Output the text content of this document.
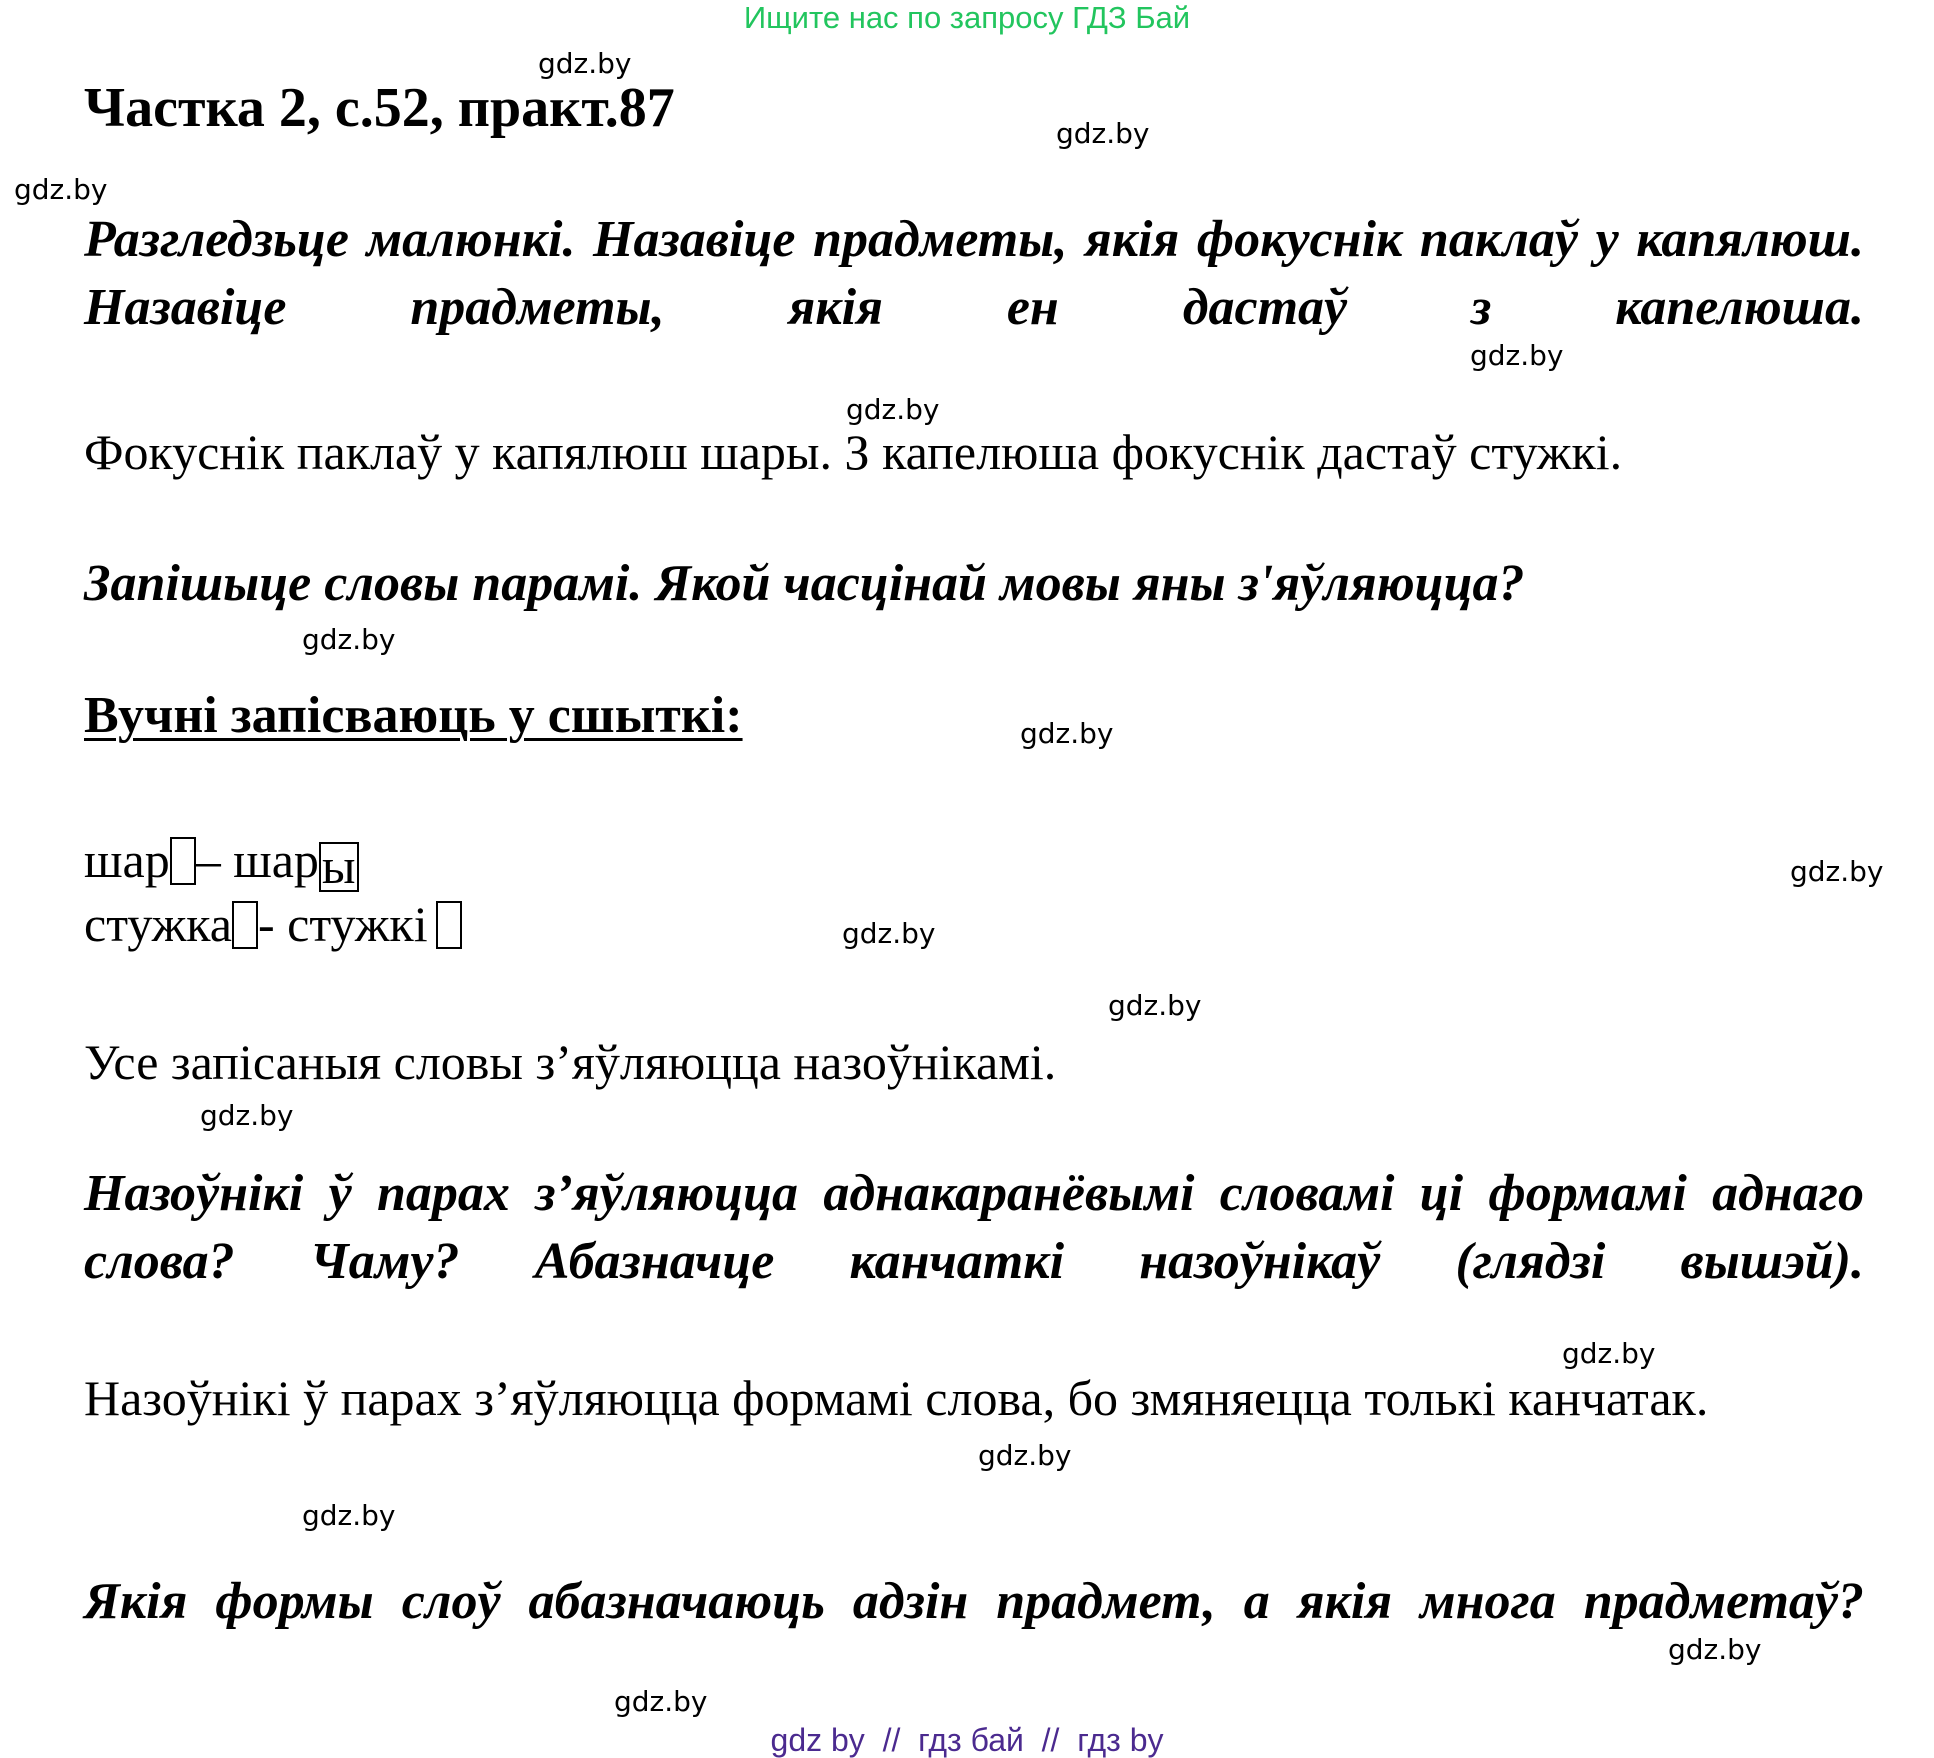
Ищите нас по запросу ГДЗ Бай
Частка 2, с.52, практ.87
Разгледзьце малюнкі. Назавіце прадметы, якія фокуснік паклаў у капялюш. Назавіце прадметы, якія ен дастаў з капелюша.
Фокуснік паклаў у капялюш шары. З капелюша фокуснік дастаў стужкі.
Запішыце словы парамі. Якой часцінай мовы яны з'яўляюцца?
Вучні запісваюць у сшыткі:
шар – шары
стужка - стужкі
Усе запісаныя словы з’яўляюцца назоўнікамі.
Назоўнікі ў парах з’яўляюцца аднакаранёвымі словамі ці формамі аднаго слова? Чаму? Абазначце канчаткі назоўнікаў (глядзі вышэй).
Назоўнікі ў парах з’яўляюцца формамі слова, бо змяняецца толькі канчатак.
Якія формы слоў абазначаюць адзін прадмет, а якія многа прадметаў?
gdz.by
gdz.by
gdz.by
gdz.by
gdz.by
gdz.by
gdz.by
gdz.by
gdz.by
gdz.by
gdz.by
gdz.by
gdz.by
gdz.by
gdz.by
gdz.by
gdz by  //  гдз бай  //  гдз by
